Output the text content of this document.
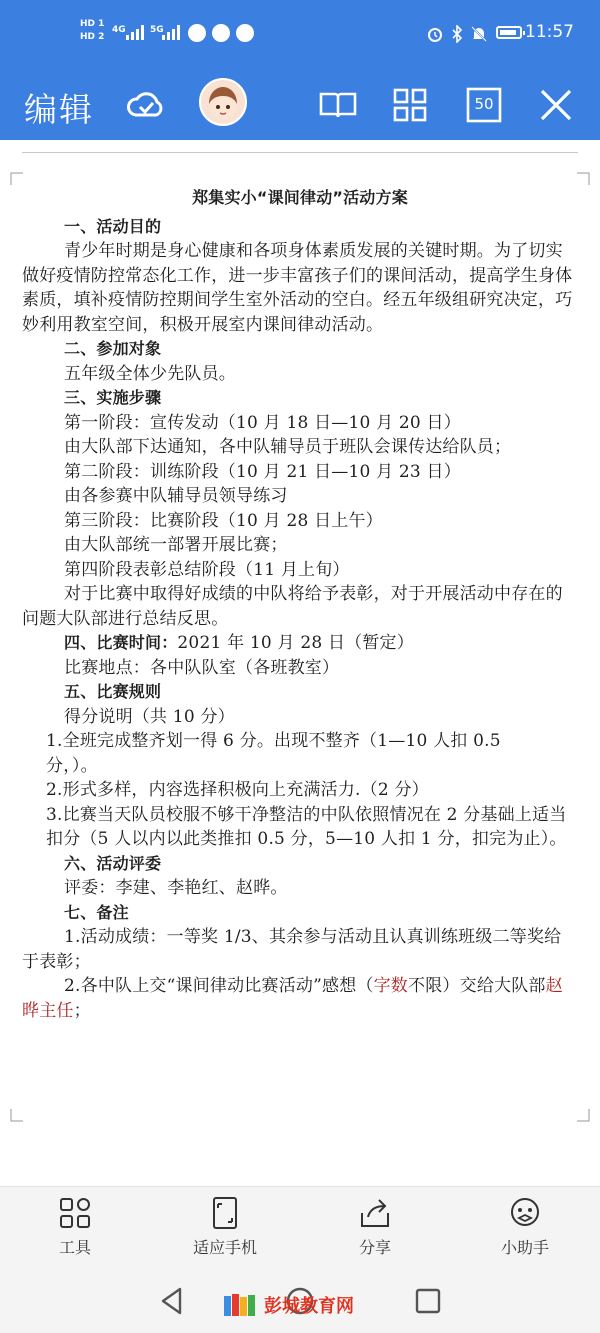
HD 1
HD 2
4G	5G	11:57
编辑	50

郑集实小“课间律动”活动方案

一、活动目的

青少年时期是身心健康和各项身体素质发展的关键时期。为了切实做好疫情防控常态化工作，进一步丰富孩子们的课间活动，提高学生身体素质，填补疫情防控期间学生室外活动的空白。经五年级组研究决定，巧妙利用教室空间，积极开展室内课间律动活动。

二、参加对象

五年级全体少先队员。

三、实施步骤

第一阶段：宣传发动（10 月 18 日—10 月 20 日）

由大队部下达通知，各中队辅导员于班队会课传达给队员；

第二阶段：训练阶段（10 月 21 日—10 月 23 日）

由各参赛中队辅导员领导练习

第三阶段：比赛阶段（10 月 28 日上午）

由大队部统一部署开展比赛；

第四阶段表彰总结阶段（11 月上旬）

对于比赛中取得好成绩的中队将给予表彰，对于开展活动中存在的问题大队部进行总结反思。

四、比赛时间：2021 年 10 月 28 日（暂定）

比赛地点：各中队队室（各班教室）

五、比赛规则

得分说明（共 10 分）

1.全班完成整齐划一得 6 分。出现不整齐（1—10 人扣 0.5 分，）。

2.形式多样，内容选择积极向上充满活力.（2 分）

3.比赛当天队员校服不够干净整洁的中队依照情况在 2 分基础上适当扣分（5 人以内以此类推扣 0.5 分，5—10 人扣 1 分，扣完为止）。

六、活动评委

评委：李建、李艳红、赵晔。

七、备注

1.活动成绩：一等奖 1/3、其余参与活动且认真训练班级二等奖给于表彰；

2.各中队上交“课间律动比赛活动”感想（字数不限）交给大队部赵晔主任；

工具	适应手机	分享	小助手
彭城教育网
